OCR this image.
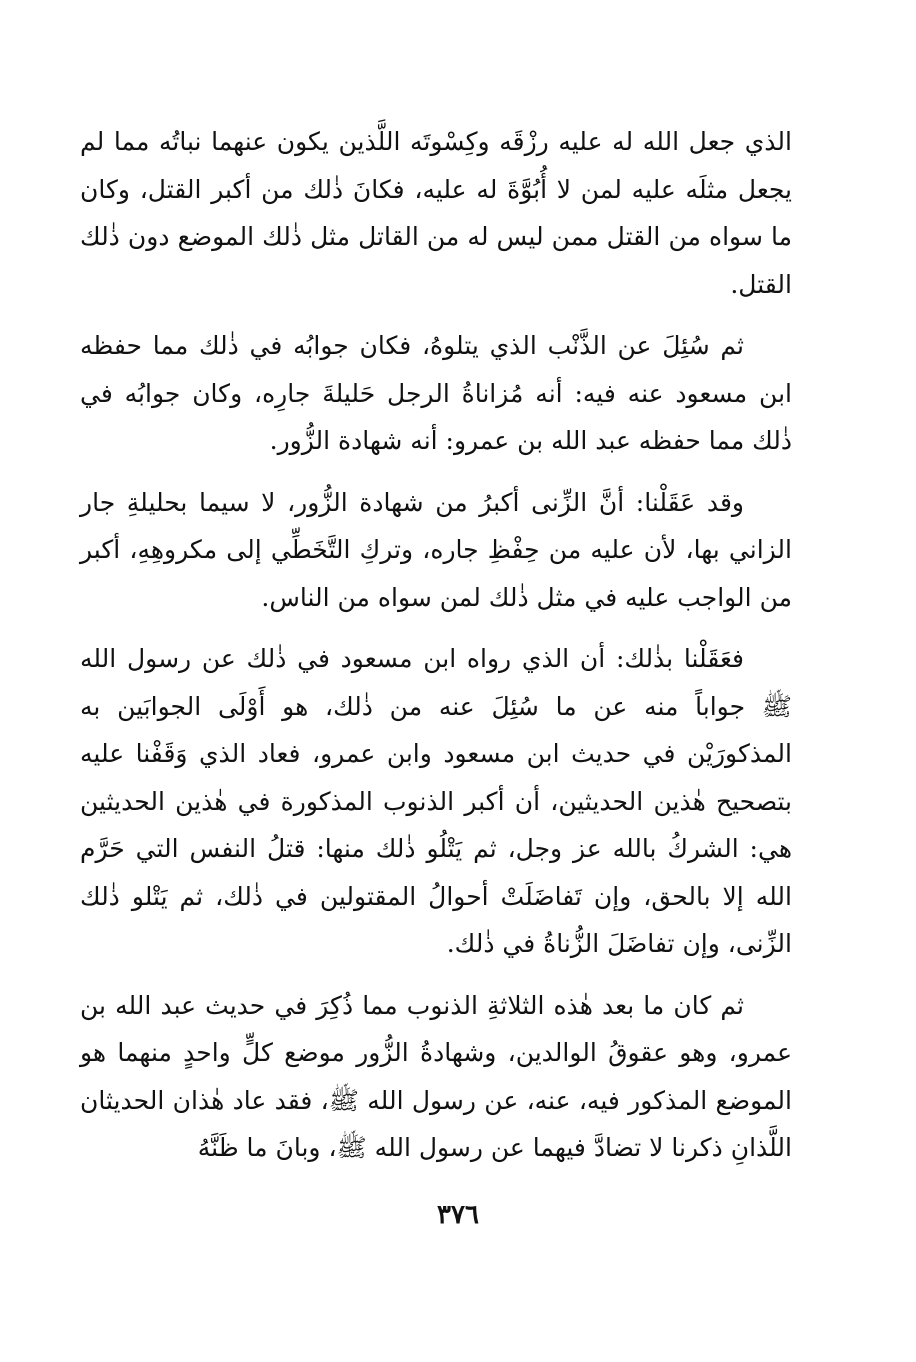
الذي جعل الله له عليه رزْقَه وكِسْوتَه اللَّذين يكون عنهما نباتُه مما لم يجعل مثلَه عليه لمن لا أُبُوَّةَ له عليه، فكانَ ذٰلك من أكبر القتل، وكان ما سواه من القتل ممن ليس له من القاتل مثل ذٰلك الموضع دون ذٰلك القتل.

ثم سُئِلَ عن الذَّنْب الذي يتلوهُ، فكان جوابُه في ذٰلك مما حفظه ابن مسعود عنه فيه: أنه مُزاناةُ الرجل حَليلةَ جارِه، وكان جوابُه في ذٰلك مما حفظه عبد الله بن عمرو: أنه شهادة الزُّور.

وقد عَقَلْنا: أنَّ الزِّنى أكبرُ من شهادة الزُّور، لا سيما بحليلةِ جار الزاني بها، لأن عليه من حِفْظِ جاره، وتركِ التَّخَطِّي إلى مكروهِهِ، أكبر من الواجب عليه في مثل ذٰلك لمن سواه من الناس.

فعَقَلْنا بذٰلك: أن الذي رواه ابن مسعود في ذٰلك عن رسول الله ﷺ جواباً منه عن ما سُئِلَ عنه من ذٰلك، هو أَوْلَى الجوابَين به المذكورَيْن في حديث ابن مسعود وابن عمرو، فعاد الذي وَقَفْنا عليه بتصحيح هٰذين الحديثين، أن أكبر الذنوب المذكورة في هٰذين الحديثين هي: الشركُ بالله عز وجل، ثم يَتْلُو ذٰلك منها: قتلُ النفس التي حَرَّم الله إلا بالحق، وإن تَفاضَلَتْ أحوالُ المقتولين في ذٰلك، ثم يَتْلو ذٰلك الزِّنى، وإن تفاضَلَ الزُّناةُ في ذٰلك.

ثم كان ما بعد هٰذه الثلاثةِ الذنوب مما ذُكِرَ في حديث عبد الله بن عمرو، وهو عقوقُ الوالدين، وشهادةُ الزُّور موضع كلٍّ واحدٍ منهما هو الموضع المذكور فيه، عنه، عن رسول الله ﷺ، فقد عاد هٰذان الحديثان اللَّذانِ ذكرنا لا تضادَّ فيهما عن رسول الله ﷺ، وبانَ ما ظَنَّهُ

٣٧٦
